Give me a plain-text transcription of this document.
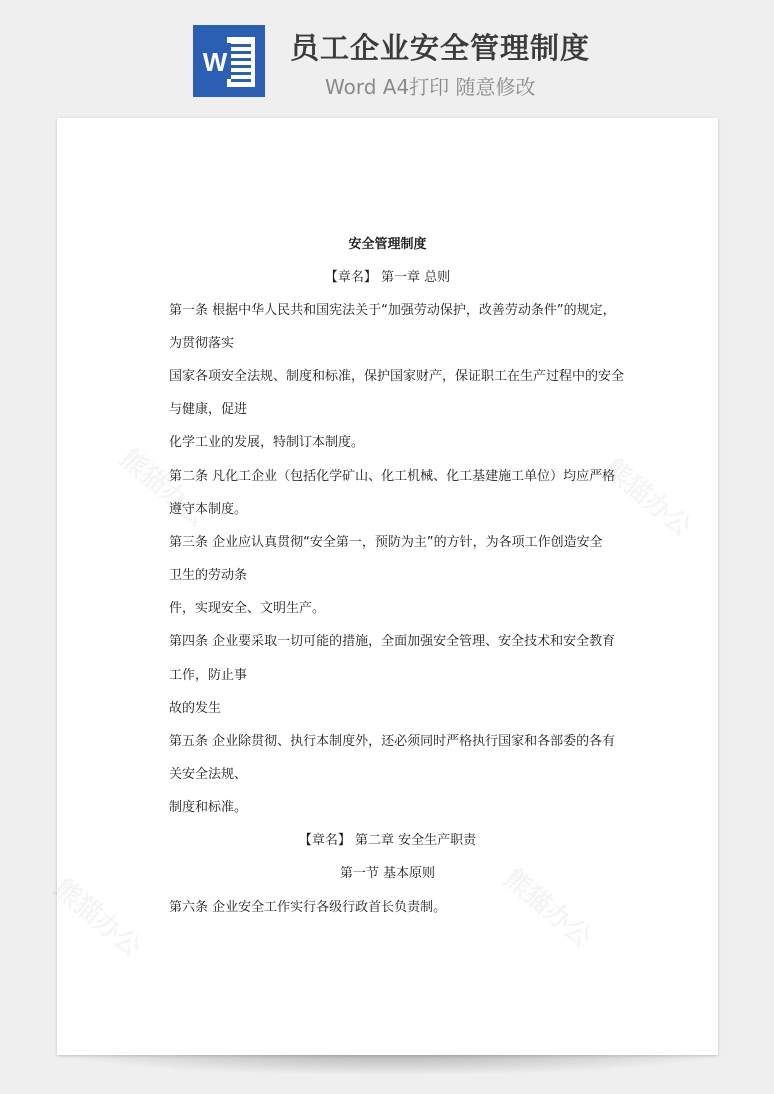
W 员工企业安全管理制度
Word A4打印 随意修改
安全管理制度
【章名】 第一章 总则
第一条 根据中华人民共和国宪法关于“加强劳动保护，改善劳动条件”的规定，
为贯彻落实
国家各项安全法规、制度和标准，保护国家财产，保证职工在生产过程中的安全
与健康，促进
化学工业的发展，特制订本制度。
第二条 凡化工企业（包括化学矿山、化工机械、化工基建施工单位）均应严格
遵守本制度。
第三条 企业应认真贯彻“安全第一，预防为主”的方针，为各项工作创造安全
卫生的劳动条
件，实现安全、文明生产。
第四条 企业要采取一切可能的措施，全面加强安全管理、安全技术和安全教育
工作，防止事
故的发生
第五条 企业除贯彻、执行本制度外，还必须同时严格执行国家和各部委的各有
关安全法规、
制度和标准。
【章名】 第二章 安全生产职责
第一节 基本原则
第六条 企业安全工作实行各级行政首长负责制。
